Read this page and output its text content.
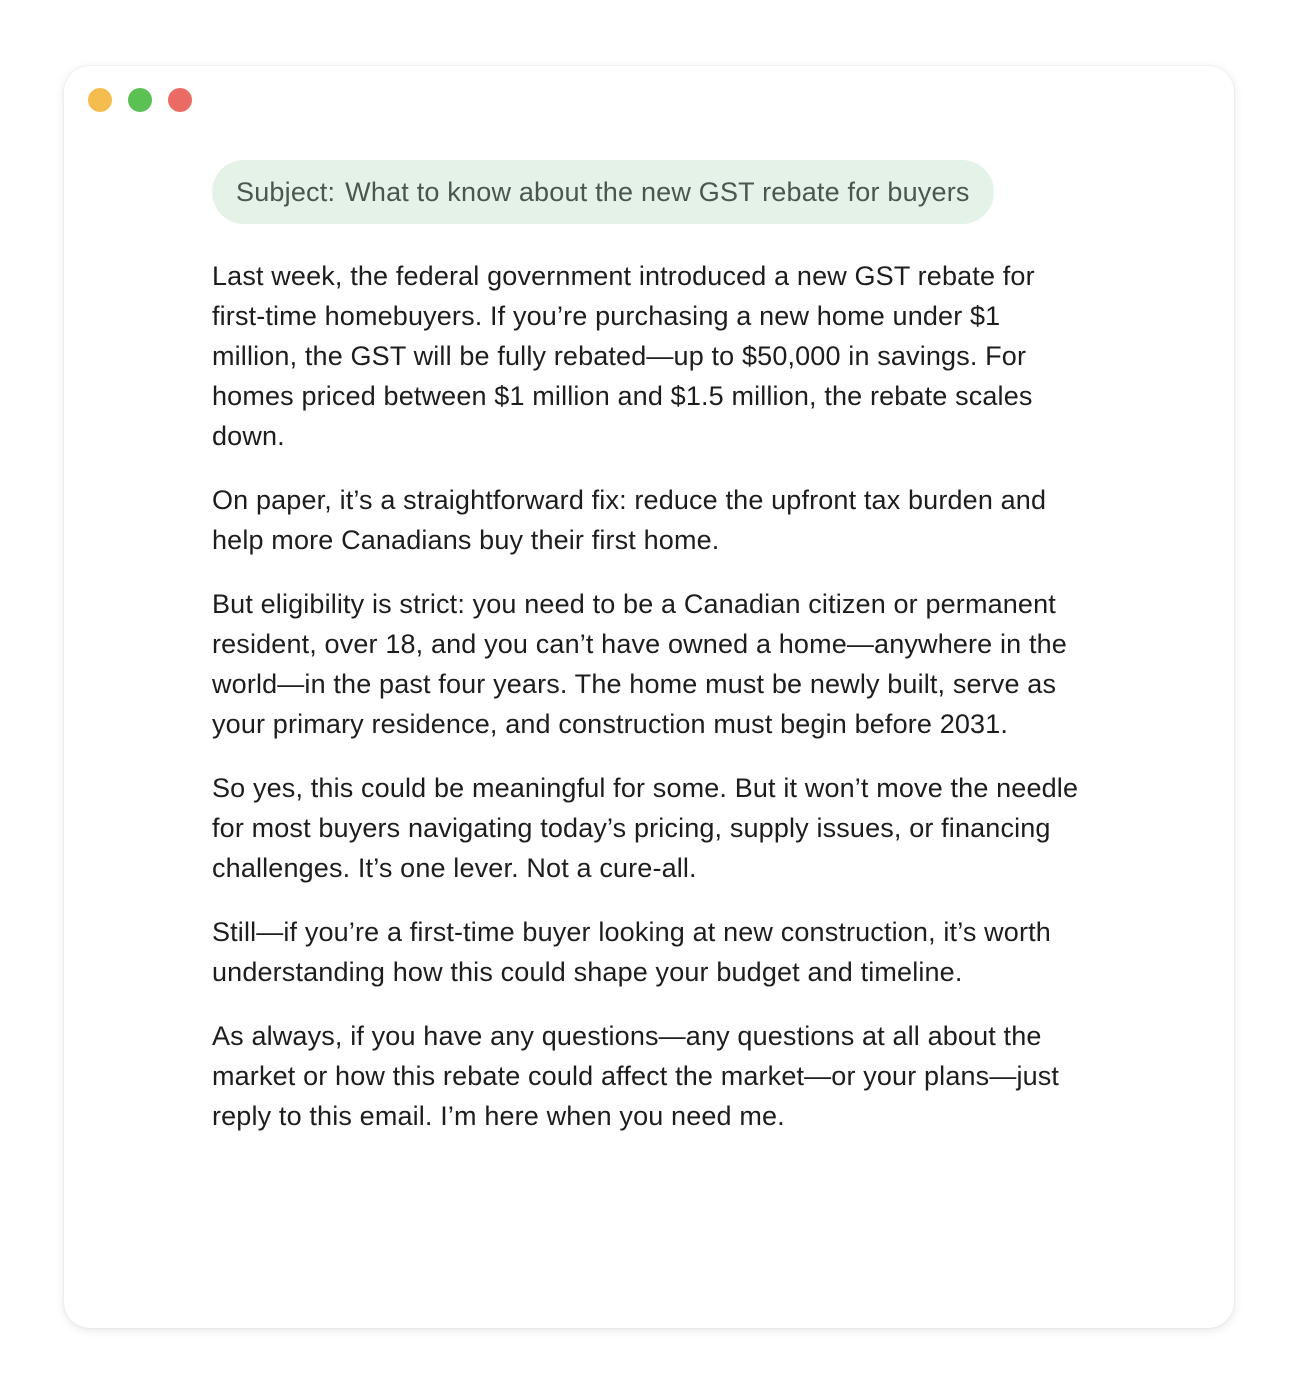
Subject: What to know about the new GST rebate for buyers

Last week, the federal government introduced a new GST rebate for first-time homebuyers. If you’re purchasing a new home under $1 million, the GST will be fully rebated—up to $50,000 in savings. For homes priced between $1 million and $1.5 million, the rebate scales down.

On paper, it’s a straightforward fix: reduce the upfront tax burden and help more Canadians buy their first home.

But eligibility is strict: you need to be a Canadian citizen or permanent resident, over 18, and you can’t have owned a home—anywhere in the world—in the past four years. The home must be newly built, serve as your primary residence, and construction must begin before 2031.

So yes, this could be meaningful for some. But it won’t move the needle for most buyers navigating today’s pricing, supply issues, or financing challenges. It’s one lever. Not a cure-all.

Still—if you’re a first-time buyer looking at new construction, it’s worth understanding how this could shape your budget and timeline.

As always, if you have any questions—any questions at all about the market or how this rebate could affect the market—or your plans—just reply to this email. I’m here when you need me.
